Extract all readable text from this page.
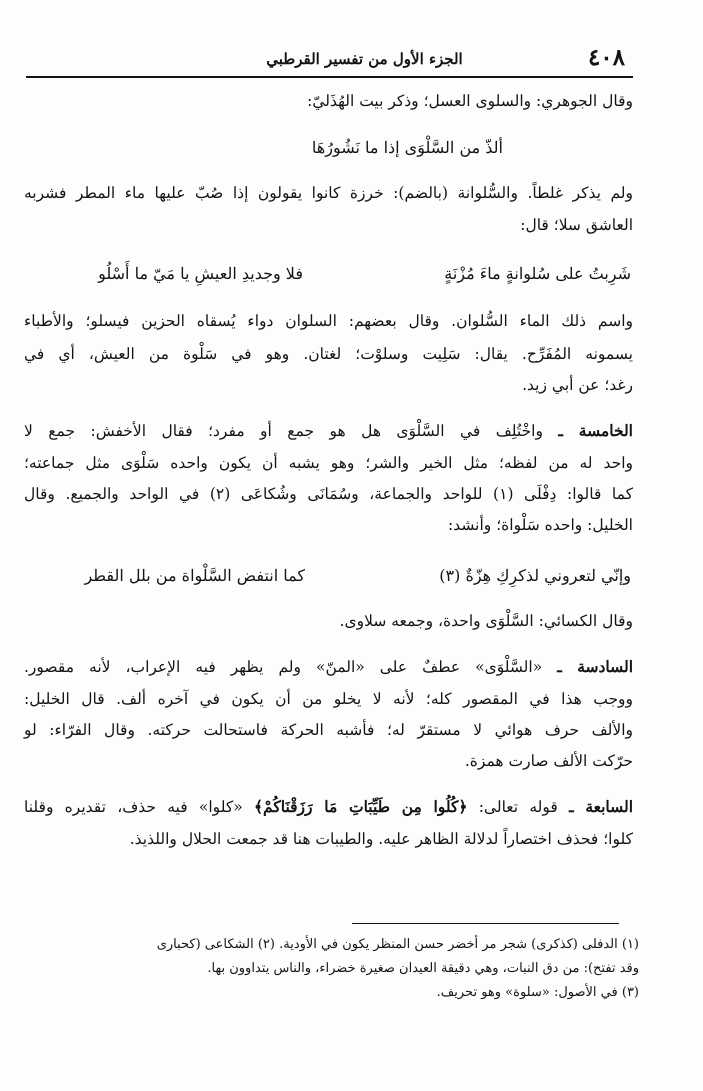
٤٠٨
الجزء الأول من تفسير القرطبي
وقال الجوهري: والسلوى العسل؛ وذكر بيت الهُذَليّ:
ألذّ من السَّلْوَى إذا ما نَشُورُهَا
ولم يذكر غلطاً. والسُّلوانة (بالضم): خرزة كانوا يقولون إذا صُبّ عليها ماء المطر فشربه
العاشق سلا؛ قال:
شَرِبتُ على سُلوانةٍ ماءَ مُزْنَةٍ
فلا وجديدِ العيشِ يا مَيّ ما أَسْلُو
واسم ذلك الماء السُّلوان. وقال بعضهم: السلوان دواء يُسقاه الحزين فيسلو؛ والأطباء
يسمونه المُفَرِّح. يقال: سَلِيت وسلوْت؛ لغتان. وهو في سَلْوة من العيش، أي في
رغد؛ عن أبي زيد.
الخامسة ـ واخْتُلِف في السَّلْوَى هل هو جمع أو مفرد؛ فقال الأخفش: جمع لا
واحد له من لفظه؛ مثل الخير والشر؛ وهو يشبه أن يكون واحده سَلْوَى مثل جماعته؛
كما قالوا: دِفْلَى (١) للواحد والجماعة، وسُمَانَى وشُكاعَى (٢) في الواحد والجميع. وقال
الخليل: واحده سَلْواة؛ وأنشد:
وإنّي لتعروني لذكرِكِ هِزّةٌ (٣)
كما انتفض السَّلْواة من بلل القطر
وقال الكسائي: السَّلْوَى واحدة، وجمعه سلاوى.
السادسة ـ «السَّلْوَى» عطفٌ على «المنّ» ولم يظهر فيه الإعراب، لأنه مقصور.
ووجب هذا في المقصور كله؛ لأنه لا يخلو من أن يكون في آخره ألف. قال الخليل:
والألف حرف هوائي لا مستقرّ له؛ فأشبه الحركة فاستحالت حركته. وقال الفرّاء: لو
حرّكت الألف صارت همزة.
السابعة ـ قوله تعالى: ﴿كُلُوا مِن طَيِّبَاتِ مَا رَزَقْنَاكُمْ﴾ «كلوا» فيه حذف، تقديره وقلنا
كلوا؛ فحذف اختصاراً لدلالة الظاهر عليه. والطيبات هنا قد جمعت الحلال واللذيذ.
(١) الدفلى (كذكرى) شجر مر أخضر حسن المنظر يكون في الأودية. (٢) الشكاعى (كحبارى
وقد تفتح): من دق النبات، وهي دقيقة العيدان صغيرة خضراء، والناس يتداوون بها.
(٣) في الأصول: «سلوة» وهو تحريف.
